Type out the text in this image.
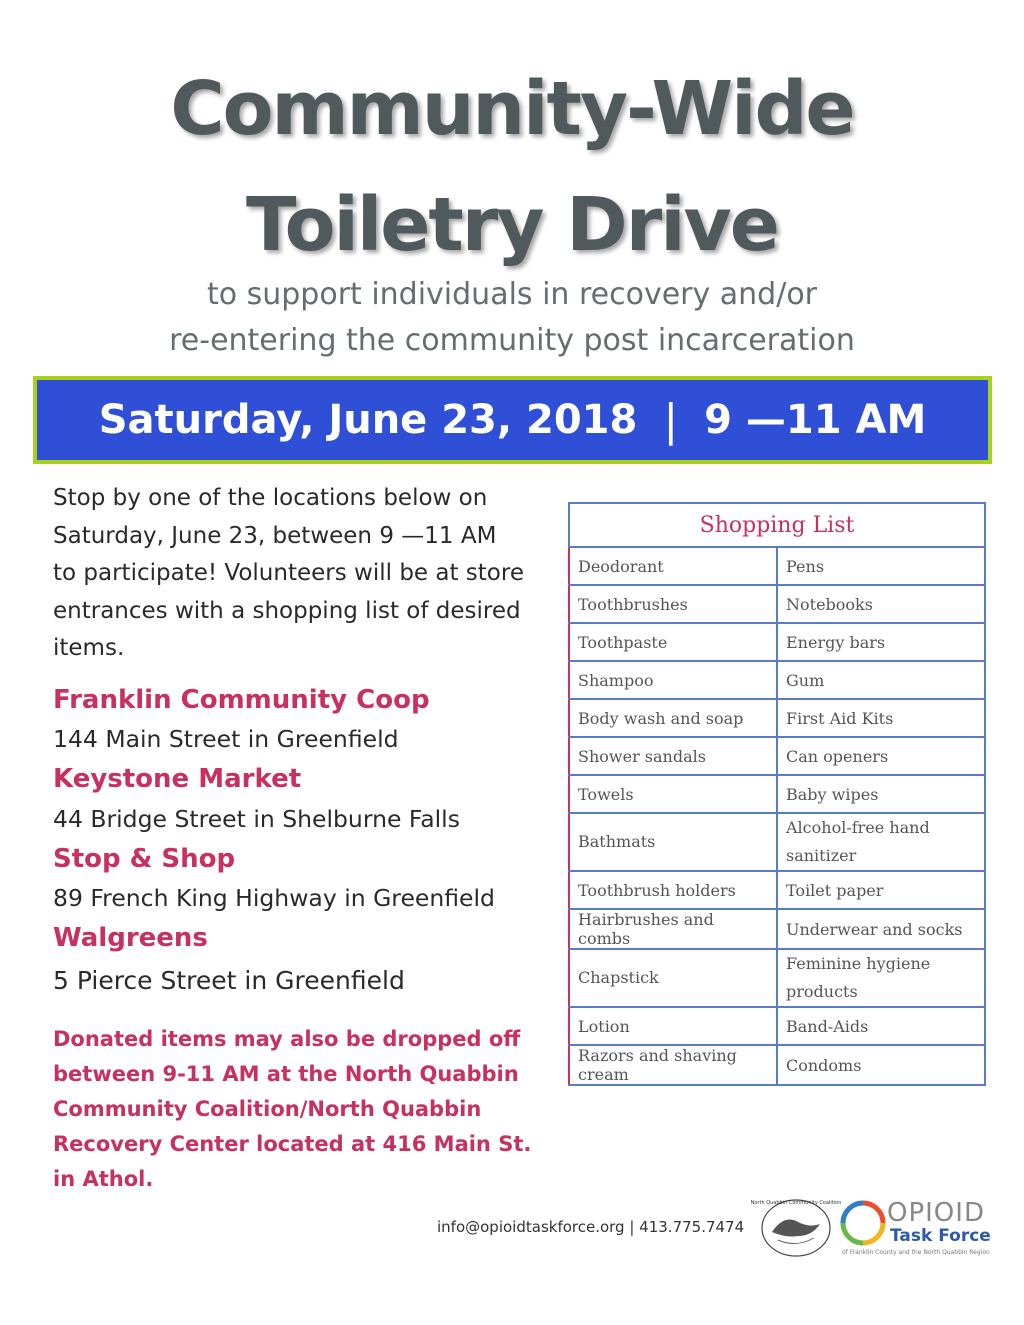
Community-Wide
Toiletry Drive
to support individuals in recovery and/or
re-entering the community post incarceration
Saturday, June 23, 2018 | 9 —11 AM
Stop by one of the locations below on
Saturday, June 23, between 9 —11 AM
to participate! Volunteers will be at store
entrances with a shopping list of desired
items.
Franklin Community Coop
144 Main Street in Greenfield
Keystone Market
44 Bridge Street in Shelburne Falls
Stop & Shop
89 French King Highway in Greenfield
Walgreens
5 Pierce Street in Greenfield
Donated items may also be dropped off
between 9-11 AM at the North Quabbin
Community Coalition/North Quabbin
Recovery Center located at 416 Main St.
in Athol.
Shopping List	
Deodorant	Pens
Toothbrushes	Notebooks
Toothpaste	Energy bars
Shampoo	Gum
Body wash and soap	First Aid Kits
Shower sandals	Can openers
Towels	Baby wipes
Bathmats	Alcohol-free hand sanitizer
Toothbrush holders	Toilet paper
Hairbrushes and combs	Underwear and socks
Chapstick	Feminine hygiene products
Lotion	Band-Aids
Razors and shaving cream	Condoms
info@opioidtaskforce.org | 413.775.7474
North Quabbin Community Coalition OPIOID
Task Force
of Franklin County and the North Quabbin Region
